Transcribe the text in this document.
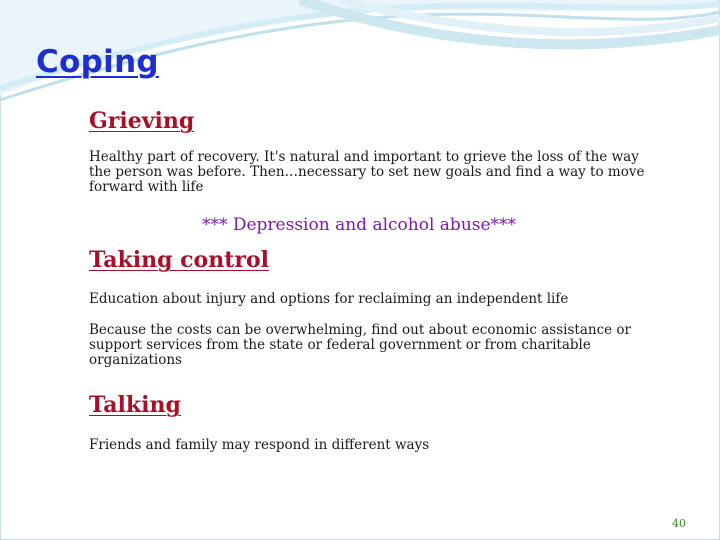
Coping
Grieving

Healthy part of recovery. It's natural and important to grieve the loss of the way the person was before. Then…necessary to set new goals and find a way to move forward with life

*** Depression and alcohol abuse***

Taking control

Education about injury and options for reclaiming an independent life

Because the costs can be overwhelming, find out about economic assistance or support services from the state or federal government or from charitable organizations

Talking

Friends and family may respond in different ways

40
